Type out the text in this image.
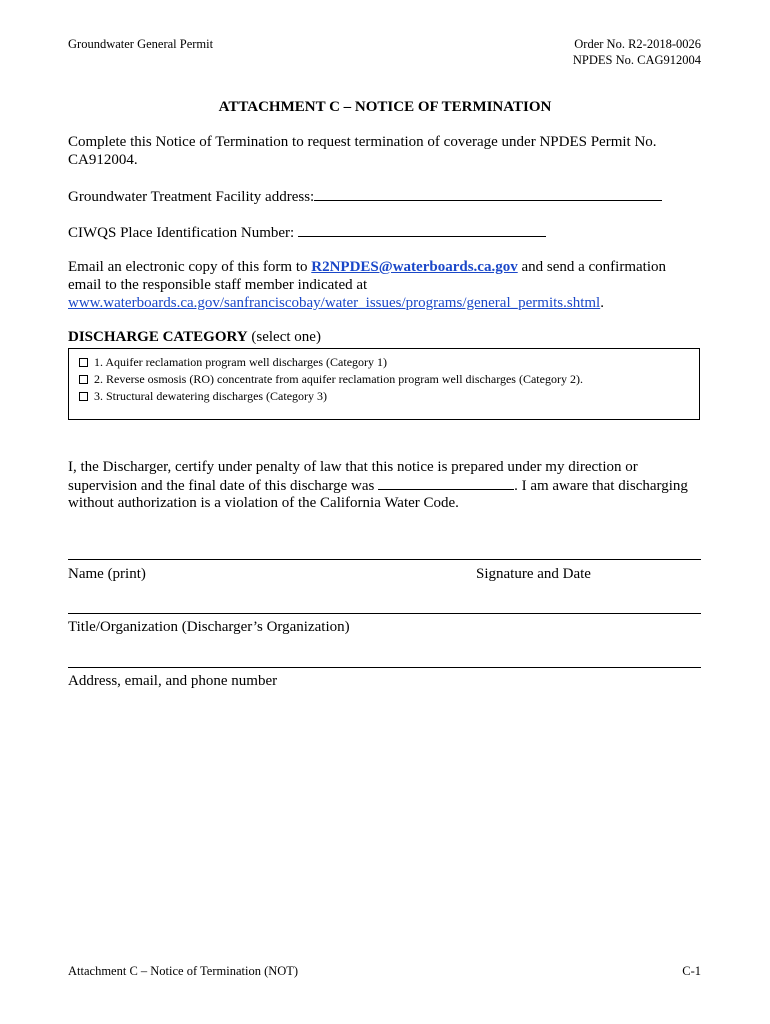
Groundwater General Permit	Order No. R2-2018-0026
NPDES No. CAG912004
ATTACHMENT C – NOTICE OF TERMINATION
Complete this Notice of Termination to request termination of coverage under NPDES Permit No.
CA912004.
Groundwater Treatment Facility address:
CIWQS Place Identification Number:
Email an electronic copy of this form to R2NPDES@waterboards.ca.gov and send a confirmation
email to the responsible staff member indicated at
www.waterboards.ca.gov/sanfranciscobay/water_issues/programs/general_permits.shtml.
DISCHARGE CATEGORY (select one)
1. Aquifer reclamation program well discharges (Category 1)
2. Reverse osmosis (RO) concentrate from aquifer reclamation program well discharges (Category 2).
3. Structural dewatering discharges (Category 3)
I, the Discharger, certify under penalty of law that this notice is prepared under my direction or
supervision and the final date of this discharge was	. I am aware that discharging
without authorization is a violation of the California Water Code.
Name (print)	Signature and Date
Title/Organization (Discharger’s Organization)
Address, email, and phone number
Attachment C – Notice of Termination (NOT)	C-1
